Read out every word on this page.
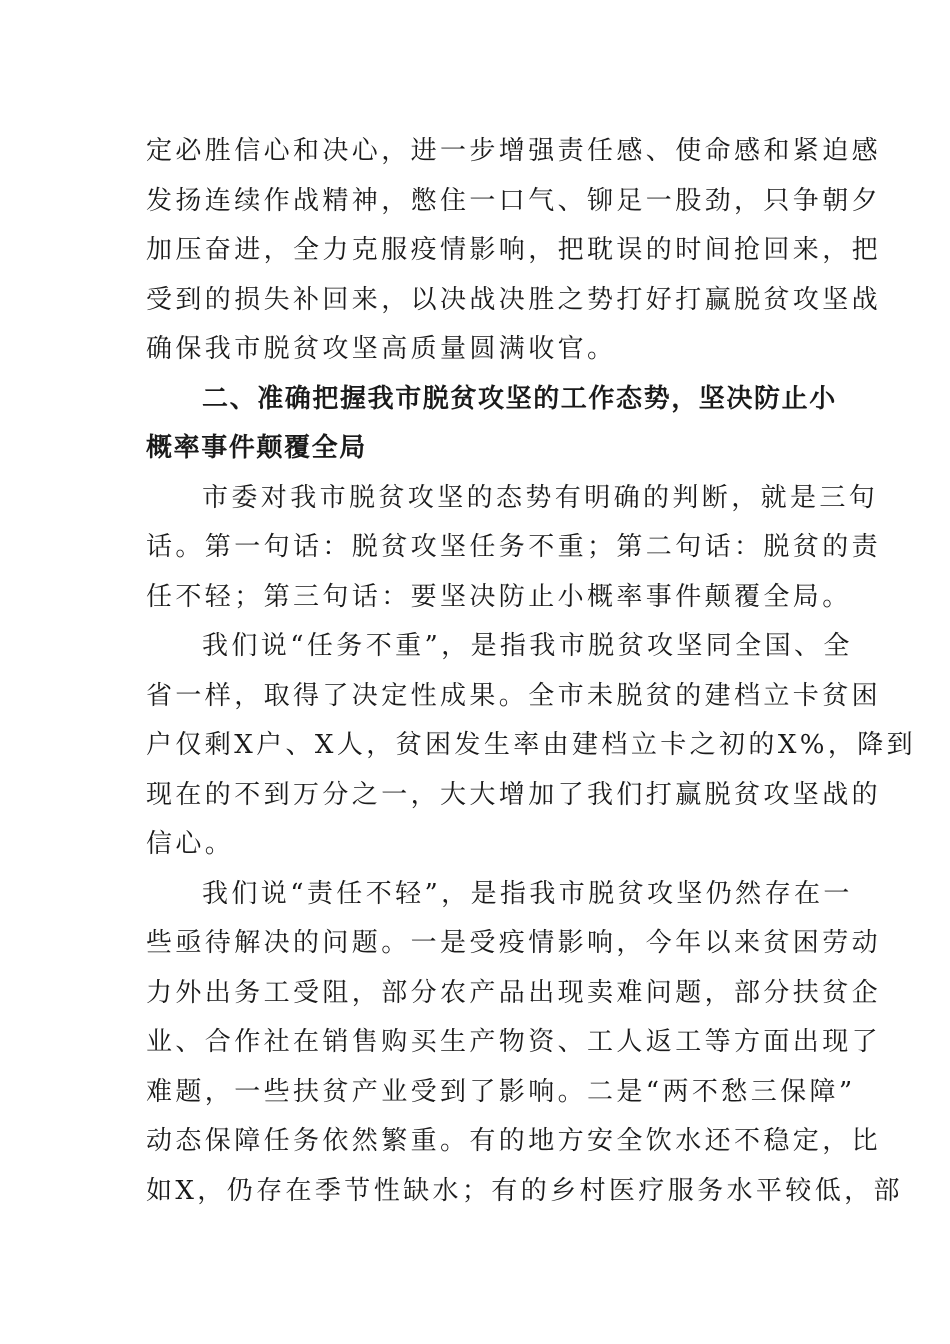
定必胜信心和决心，进一步增强责任感、使命感和紧迫感
发扬连续作战精神，憋住一口气、铆足一股劲，只争朝夕
加压奋进，全力克服疫情影响，把耽误的时间抢回来，把
受到的损失补回来，以决战决胜之势打好打赢脱贫攻坚战
确保我市脱贫攻坚高质量圆满收官。
二、准确把握我市脱贫攻坚的工作态势，坚决防止小
概率事件颠覆全局
市委对我市脱贫攻坚的态势有明确的判断，就是三句
话。第一句话：脱贫攻坚任务不重；第二句话：脱贫的责
任不轻；第三句话：要坚决防止小概率事件颠覆全局。
我们说“任务不重”，是指我市脱贫攻坚同全国、全
省一样，取得了决定性成果。全市未脱贫的建档立卡贫困
户仅剩X户、X人，贫困发生率由建档立卡之初的X%，降到
现在的不到万分之一，大大增加了我们打赢脱贫攻坚战的
信心。
我们说“责任不轻”，是指我市脱贫攻坚仍然存在一
些亟待解决的问题。一是受疫情影响，今年以来贫困劳动
力外出务工受阻，部分农产品出现卖难问题，部分扶贫企
业、合作社在销售购买生产物资、工人返工等方面出现了
难题，一些扶贫产业受到了影响。二是“两不愁三保障”
动态保障任务依然繁重。有的地方安全饮水还不稳定，比
如X，仍存在季节性缺水；有的乡村医疗服务水平较低，部
